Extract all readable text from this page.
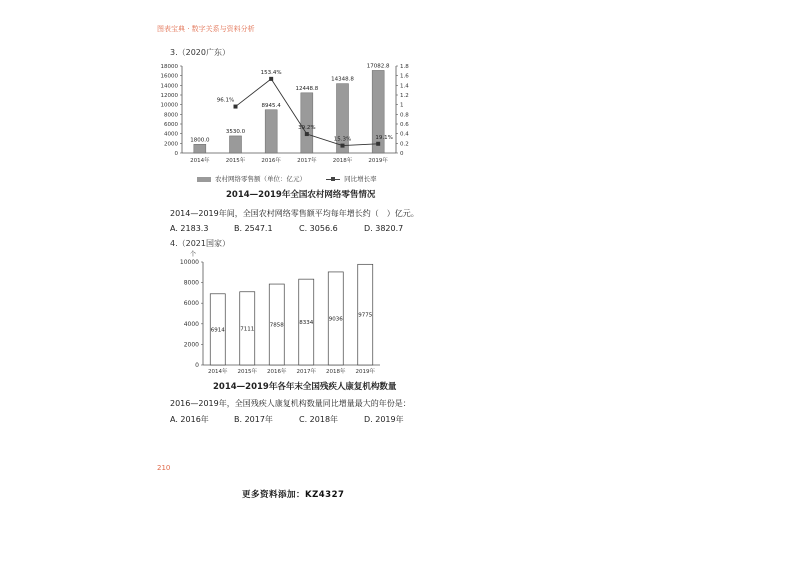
图表宝典 · 数字关系与资料分析
3.（2020广东）
0
2000
4000
6000
8000
10000
12000
14000
16000
18000
0
0.2
0.4
0.6
0.8
1
1.2
1.4
1.6
1.8
1800.0
2014年
3530.0
2015年
8945.4
2016年
12448.8
2017年
14348.8
2018年
17082.8
2019年
96.1%
153.4%
39.2%
15.3%	19.1%
农村网络零售额（单位：亿元）	同比增长率
2014—2019年全国农村网络零售情况
2014—2019年间，全国农村网络零售额平均每年增长约（　）亿元。
A. 2183.3	B. 2547.1	C. 3056.6	D. 3820.7
4.（2021国家）
个
0
2000
4000
6000
8000
10000
6914
2014年
7111
2015年
7858
2016年
8334
2017年
9036
2018年
9775
2019年
2014—2019年各年末全国残疾人康复机构数量
2016—2019年，全国残疾人康复机构数量同比增量最大的年份是：
A. 2016年	B. 2017年	C. 2018年	D. 2019年
210
更多资料添加：KZ4327
